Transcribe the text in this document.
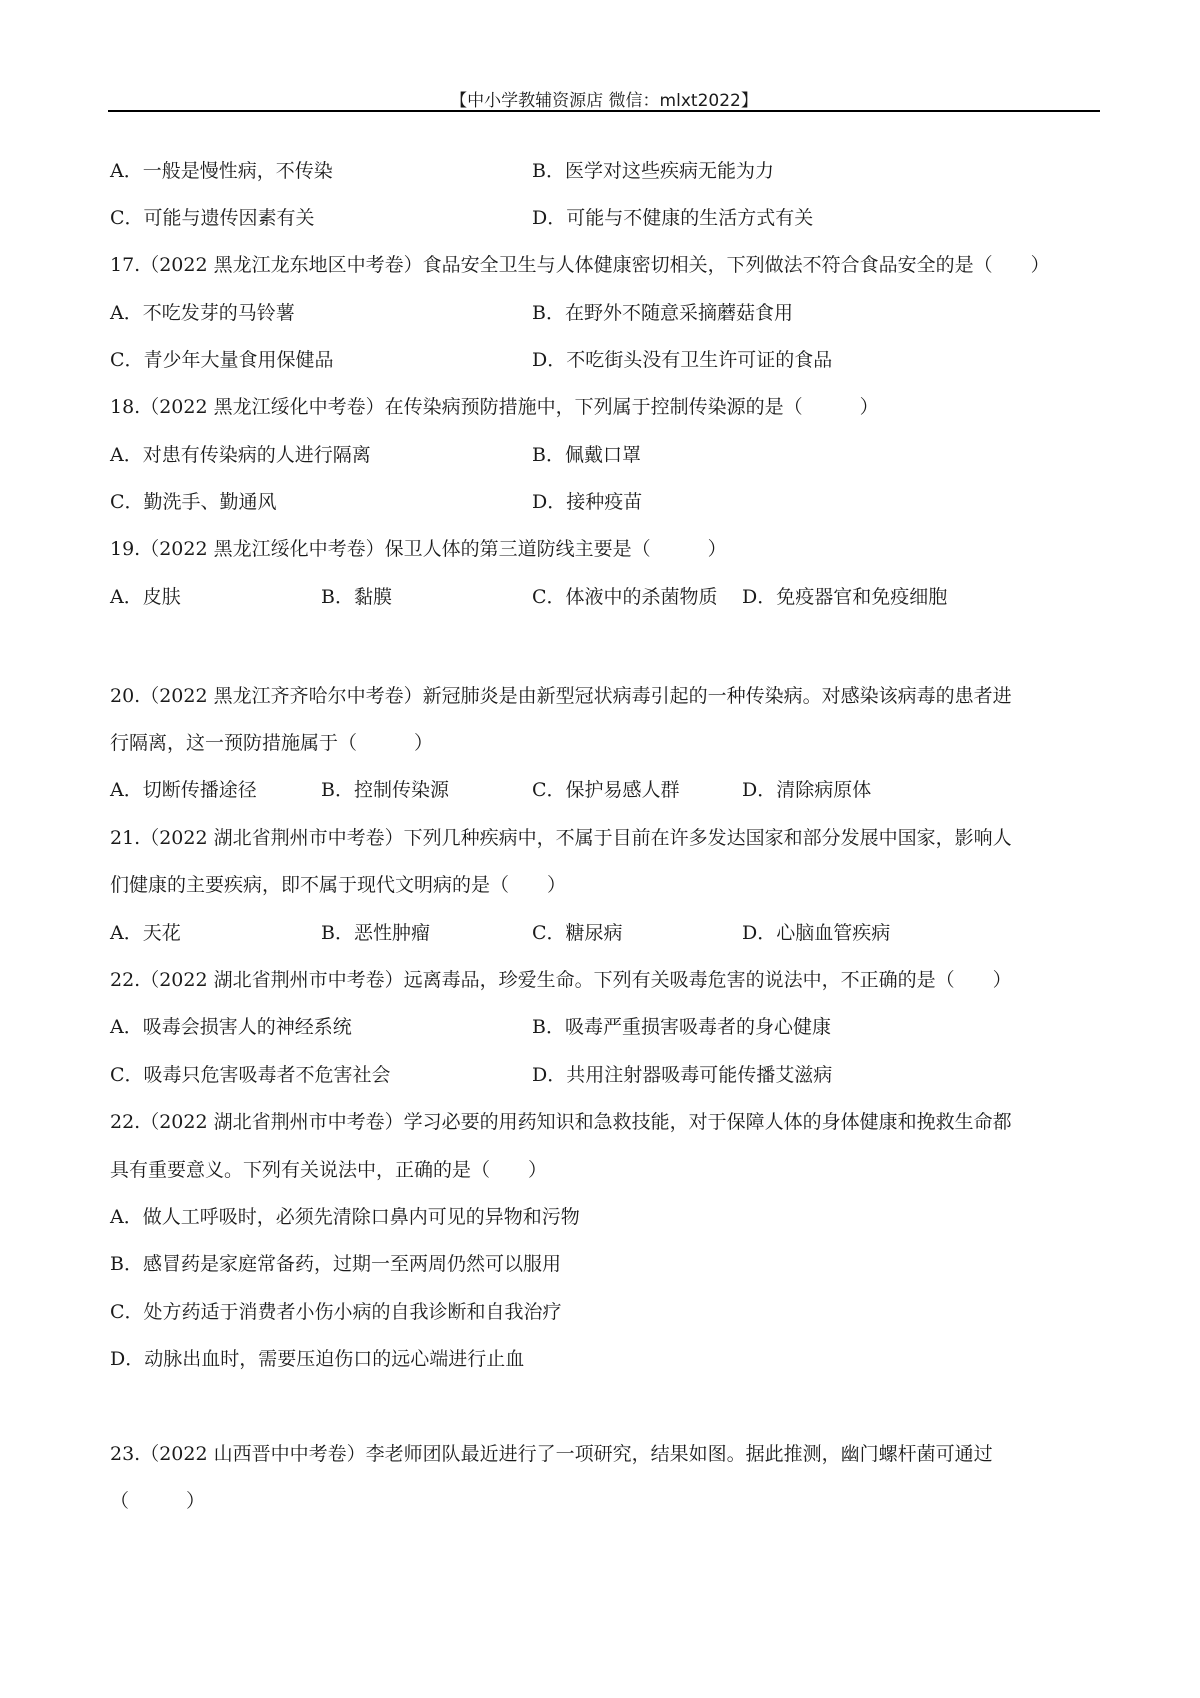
【中小学教辅资源店 微信：mlxt2022】
A．一般是慢性病，不传染	B．医学对这些疾病无能为力
C．可能与遗传因素有关	D．可能与不健康的生活方式有关
17.（2022 黑龙江龙东地区中考卷）食品安全卫生与人体健康密切相关，下列做法不符合食品安全的是（　　）
A．不吃发芽的马铃薯	B．在野外不随意采摘蘑菇食用
C．青少年大量食用保健品	D．不吃街头没有卫生许可证的食品
18.（2022 黑龙江绥化中考卷）在传染病预防措施中，下列属于控制传染源的是（　　　）
A．对患有传染病的人进行隔离	B．佩戴口罩
C．勤洗手、勤通风	D．接种疫苗
19.（2022 黑龙江绥化中考卷）保卫人体的第三道防线主要是（　　　）
A．皮肤	B．黏膜	C．体液中的杀菌物质 D．免疫器官和免疫细胞
20.（2022 黑龙江齐齐哈尔中考卷）新冠肺炎是由新型冠状病毒引起的一种传染病。对感染该病毒的患者进
行隔离，这一预防措施属于（　　　）
A．切断传播途径	B．控制传染源	C．保护易感人群	D．清除病原体
21.（2022 湖北省荆州市中考卷）下列几种疾病中，不属于目前在许多发达国家和部分发展中国家，影响人
们健康的主要疾病，即不属于现代文明病的是（　　）
A．天花	B．恶性肿瘤	C．糖尿病	D．心脑血管疾病
22.（2022 湖北省荆州市中考卷）远离毒品，珍爱生命。下列有关吸毒危害的说法中，不正确的是（　　）
A．吸毒会损害人的神经系统	B．吸毒严重损害吸毒者的身心健康
C．吸毒只危害吸毒者不危害社会	D．共用注射器吸毒可能传播艾滋病
22.（2022 湖北省荆州市中考卷）学习必要的用药知识和急救技能，对于保障人体的身体健康和挽救生命都
具有重要意义。下列有关说法中，正确的是（　　）
A．做人工呼吸时，必须先清除口鼻内可见的异物和污物
B．感冒药是家庭常备药，过期一至两周仍然可以服用
C．处方药适于消费者小伤小病的自我诊断和自我治疗
D．动脉出血时，需要压迫伤口的远心端进行止血
23.（2022 山西晋中中考卷）李老师团队最近进行了一项研究，结果如图。据此推测，幽门螺杆菌可通过
（　　　）
